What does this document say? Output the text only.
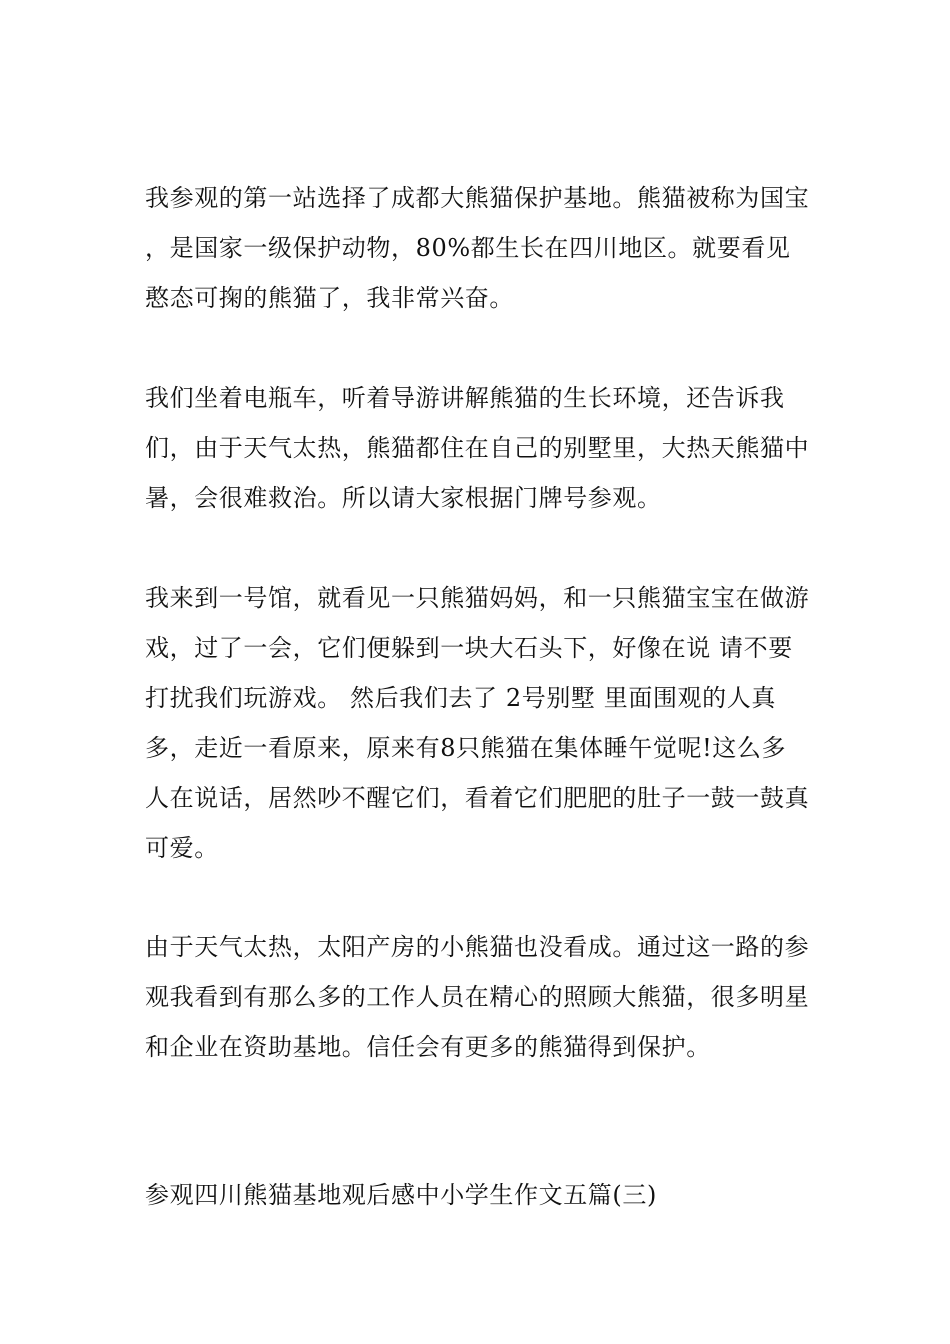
我参观的第一站选择了成都大熊猫保护基地。熊猫被称为国宝 ，是国家一级保护动物，80%都生长在四川地区。就要看见憨态可掬的熊猫了，我非常兴奋。

我们坐着电瓶车，听着导游讲解熊猫的生长环境，还告诉我们，由于天气太热，熊猫都住在自己的别墅里，大热天熊猫中暑，会很难救治。所以请大家根据门牌号参观。

我来到一号馆，就看见一只熊猫妈妈，和一只熊猫宝宝在做游戏，过了一会，它们便躲到一块大石头下，好像在说 请不要打扰我们玩游戏。 然后我们去了 2号别墅 里面围观的人真多，走近一看原来，原来有8只熊猫在集体睡午觉呢!这么多人在说话，居然吵不醒它们，看着它们肥肥的肚子一鼓一鼓真可爱。

由于天气太热，太阳产房的小熊猫也没看成。通过这一路的参观我看到有那么多的工作人员在精心的照顾大熊猫，很多明星和企业在资助基地。信任会有更多的熊猫得到保护。

参观四川熊猫基地观后感中小学生作文五篇(三)
